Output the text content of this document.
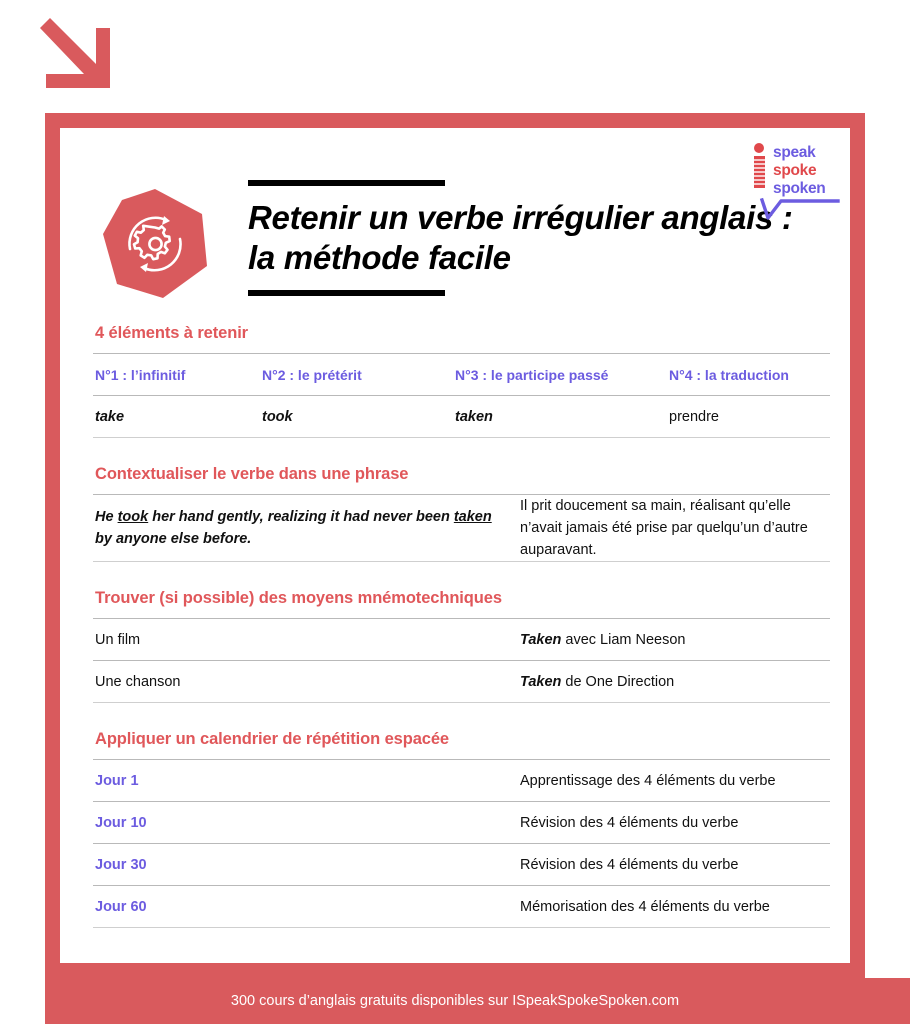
Retenir un verbe irrégulier anglais : la méthode facile
speak
spoke
spoken
4 éléments à retenir
N°1 : l’infinitif	N°2 : le prétérit	N°3 : le participe passé	N°4 : la traduction
take	took	taken	prendre
Contextualiser le verbe dans une phrase
He took her hand gently, realizing it had never been taken by anyone else before.
Il prit doucement sa main, réalisant qu’elle n’avait jamais été prise par quelqu’un d’autre auparavant.
Trouver (si possible) des moyens mnémotechniques
Un film	Taken avec Liam Neeson
Une chanson	Taken de One Direction
Appliquer un calendrier de répétition espacée
Jour 1	Apprentissage des 4 éléments du verbe
Jour 10	Révision des 4 éléments du verbe
Jour 30	Révision des 4 éléments du verbe
Jour 60	Mémorisation des 4 éléments du verbe
300 cours d’anglais gratuits disponibles sur ISpeakSpokeSpoken.com
